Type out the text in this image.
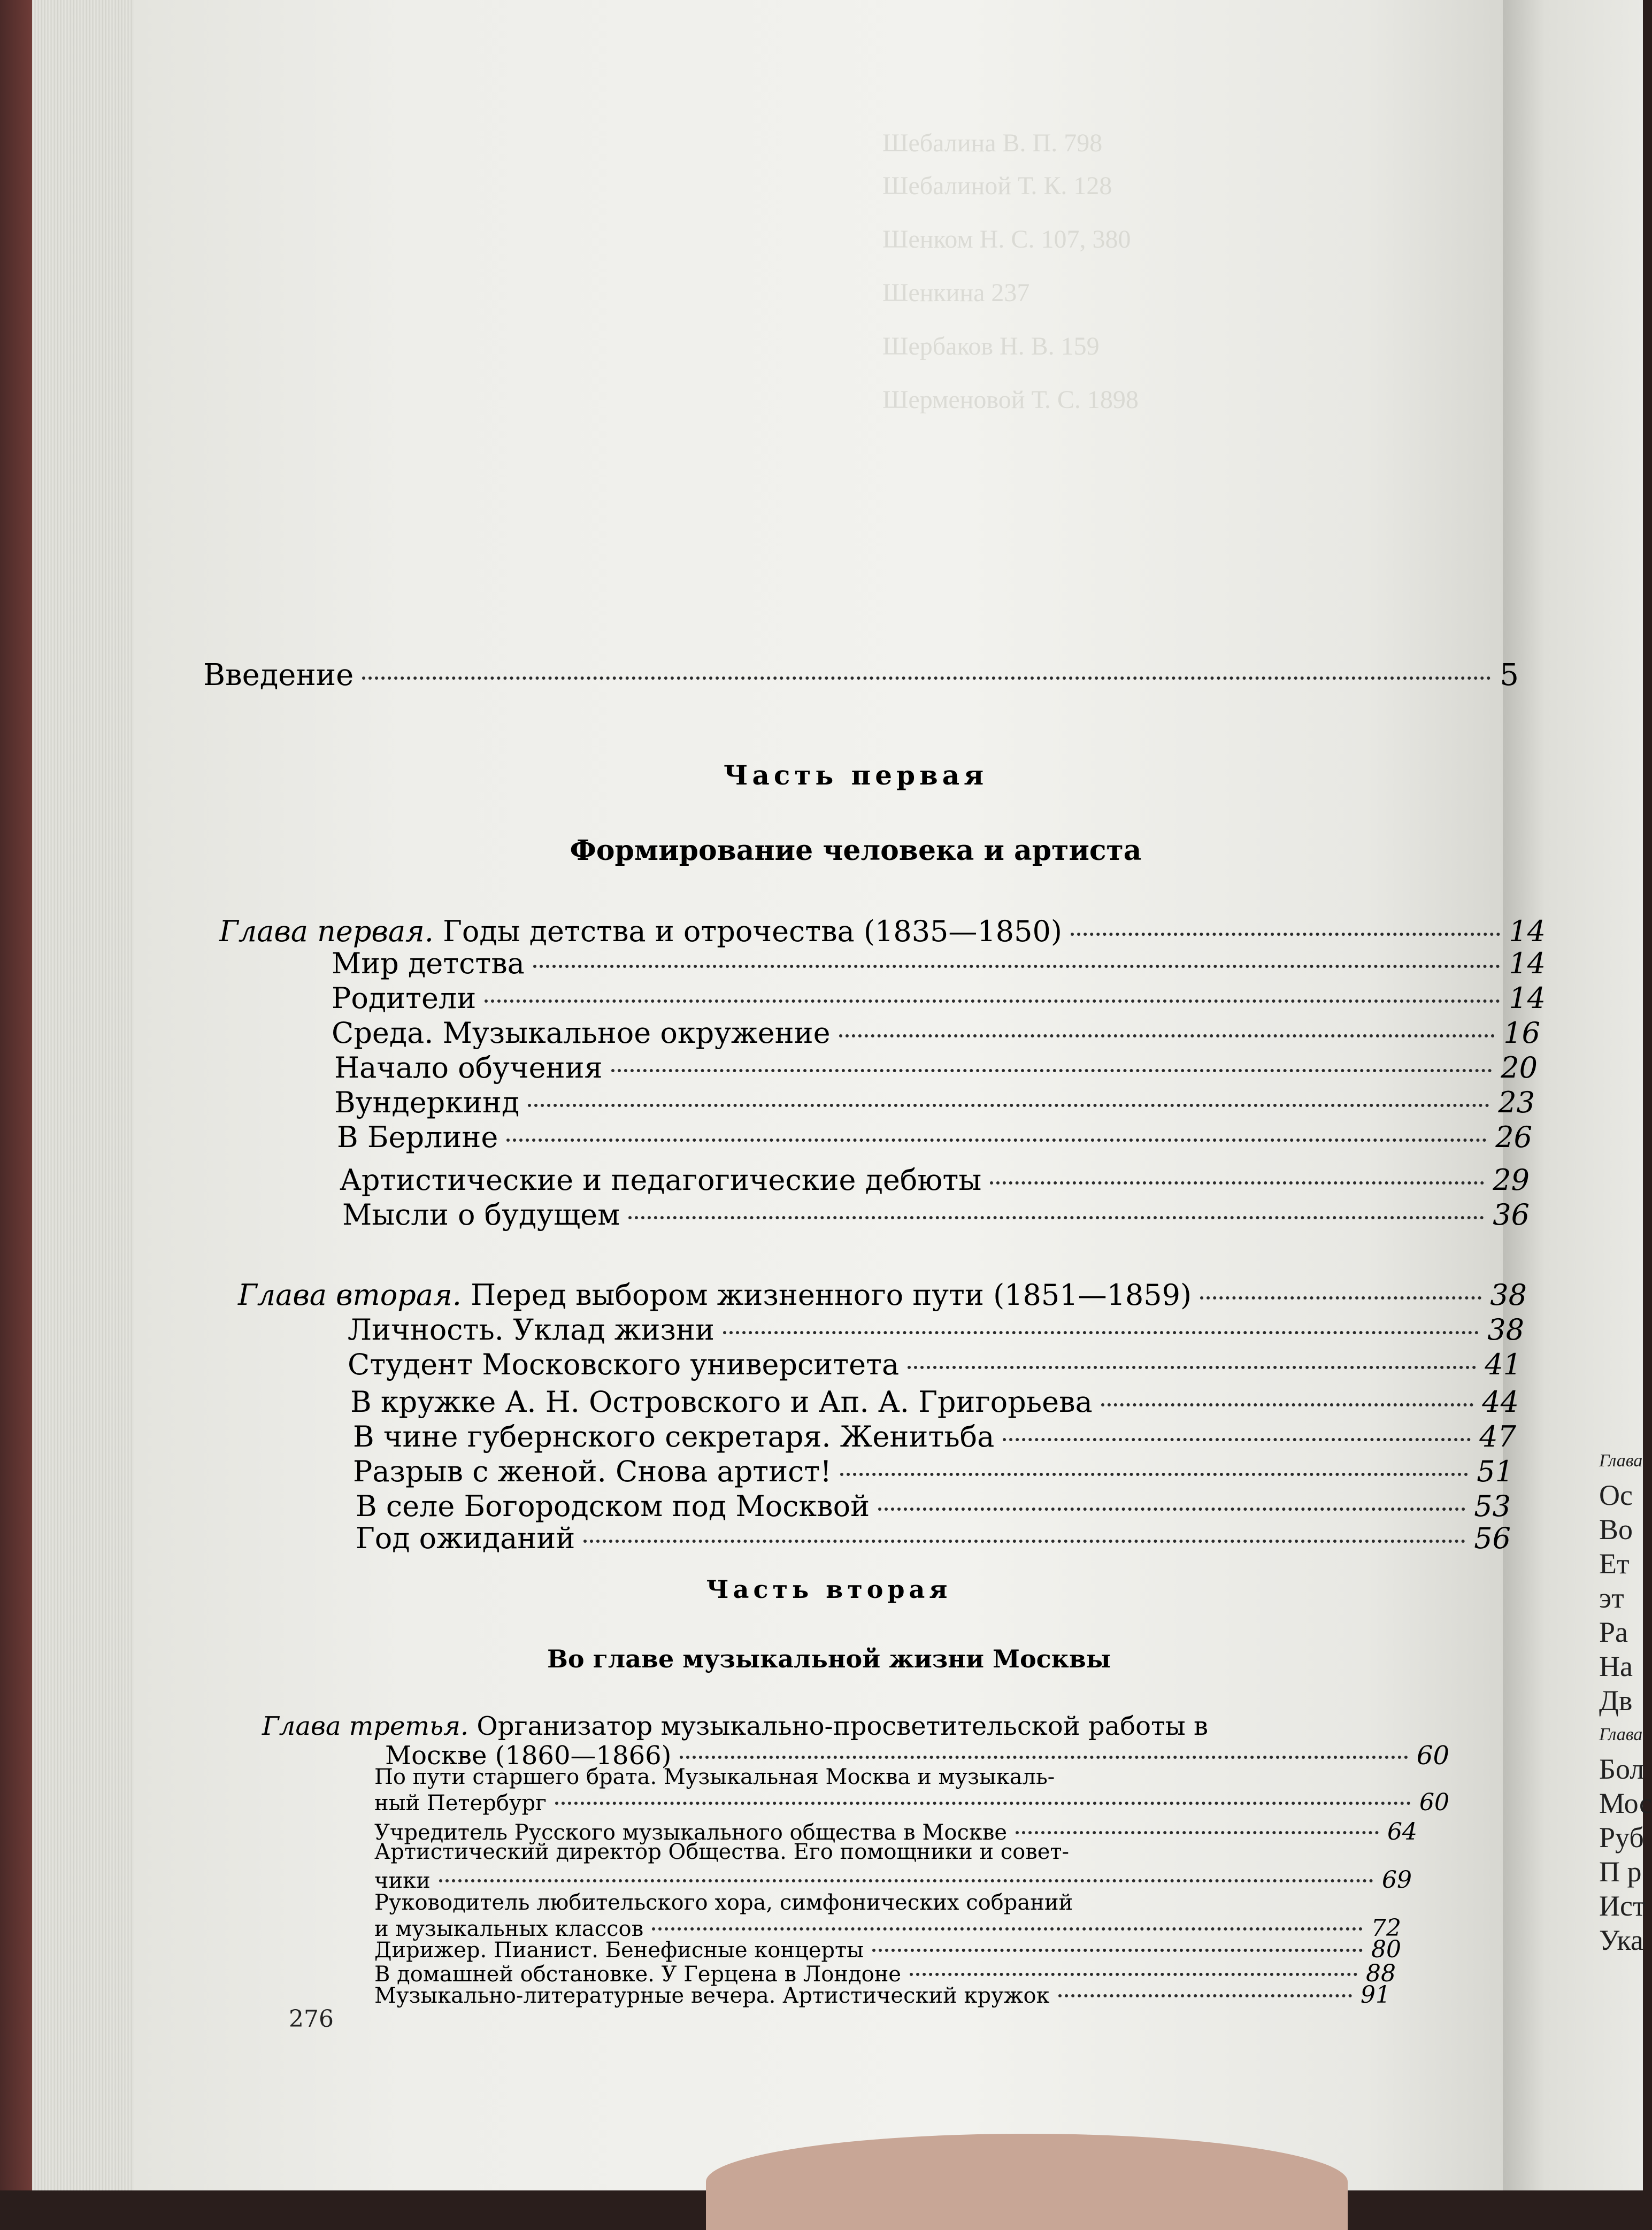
Шебалина В. П. 798
Шебалиной Т. К. 128
Шенком Н. С. 107, 380
Шенкина 237
Шербаков Н. В. 159
Шерменовой Т. С. 1898
Введение	5
Часть первая
Формирование человека и артиста
Глава первая. Годы детства и отрочества (1835—1850)	14
Мир детства	14
Родители	14
Среда. Музыкальное окружение	16
Начало обучения	20
Вундеркинд	23
В Берлине	26
Артистические и педагогические дебюты	29
Мысли о будущем	36
Глава вторая. Перед выбором жизненного пути (1851—1859)	38
Личность. Уклад жизни	38
Студент Московского университета	41
В кружке А. Н. Островского и Ап. А. Григорьева	44
В чине губернского секретаря. Женитьба	47
Разрыв с женой. Снова артист!	51
В селе Богородском под Москвой	53
Год ожиданий	56
Часть вторая
Во главе музыкальной жизни Москвы
Глава третья. Организатор музыкально-просветительской работы в
Москве (1860—1866)	60
По пути старшего брата. Музыкальная Москва и музыкаль-
ный Петербург	60
Учредитель Русского музыкального общества в Москве	64
Артистический директор Общества. Его помощники и совет-
чики	69
Руководитель любительского хора, симфонических собраний
и музыкальных классов	72
Дирижер. Пианист. Бенефисные концерты	80
В домашней обстановке. У Герцена в Лондоне	88
Музыкально-литературные вечера. Артистический кружок	91
276
Глава
Ос
Во
Ет
эт
Ра
На
Дв
Глава
Бол
Мос
Руб
П р
Ист
Ука
